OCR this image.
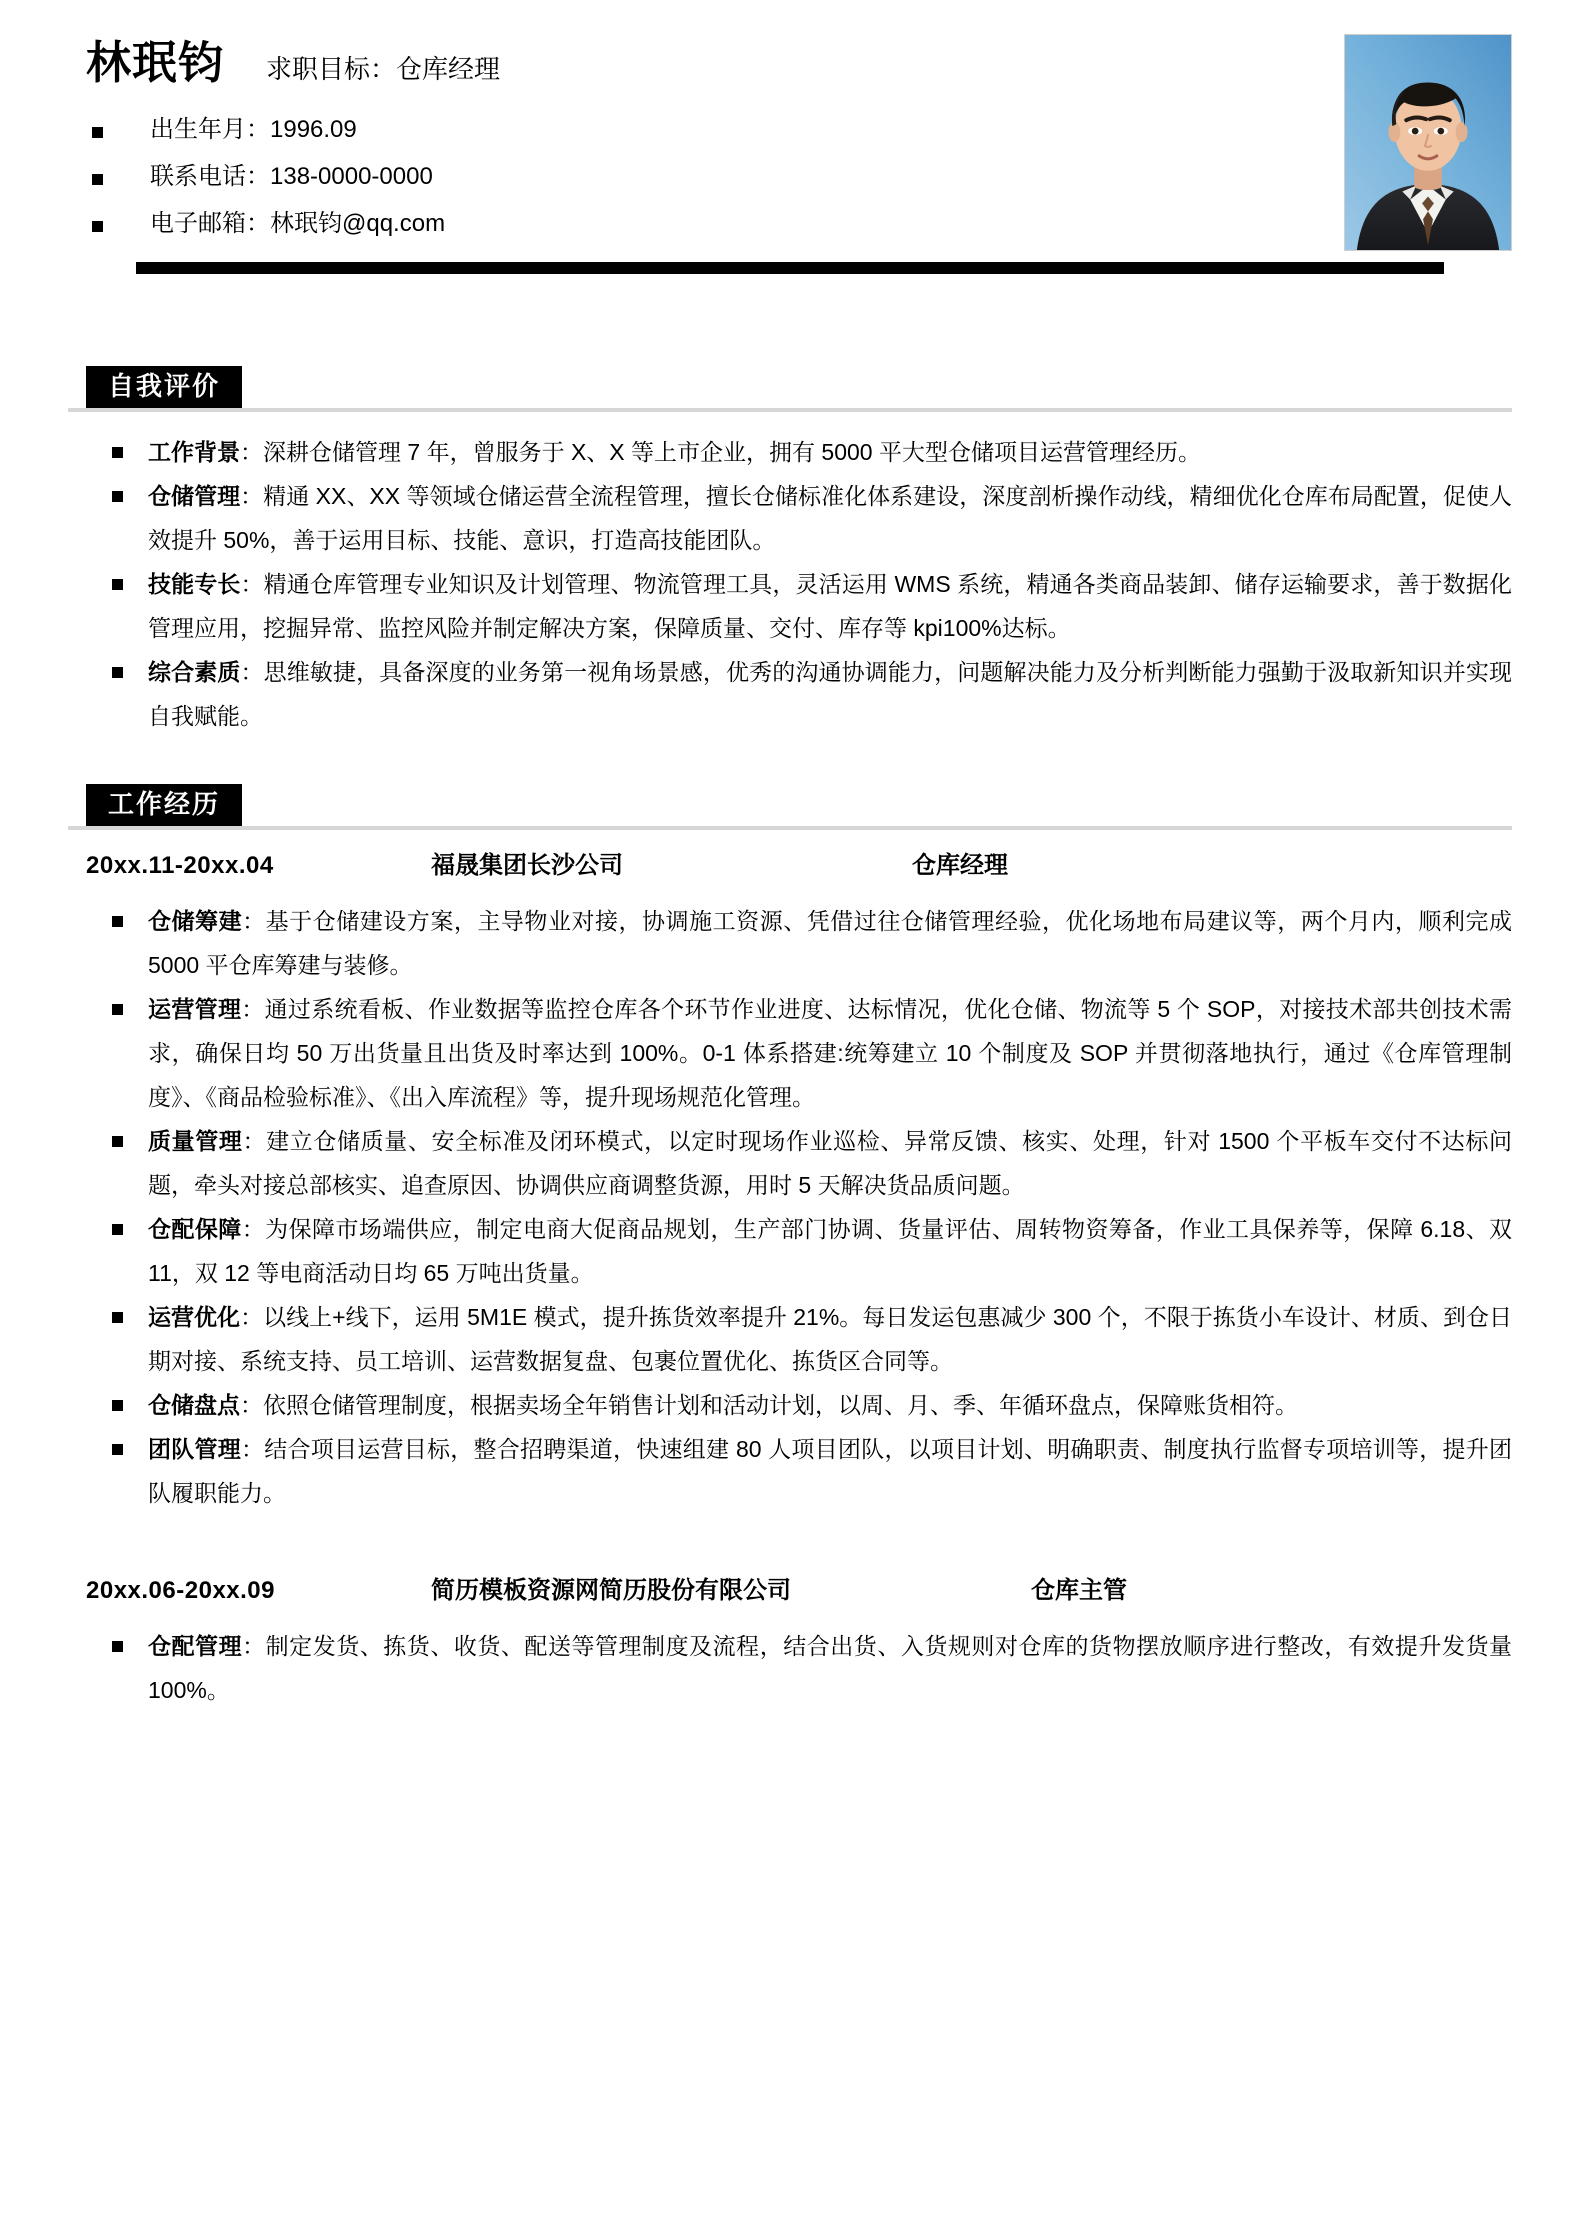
林珉钧 求职目标：仓库经理
出生年月：1996.09
联系电话：138-0000-0000
电子邮箱：林珉钧@qq.com
自我评价
工作背景：深耕仓储管理 7 年，曾服务于 X、X 等上市企业，拥有 5000 平大型仓储项目运营管理经历。
仓储管理：精通 XX、XX 等领域仓储运营全流程管理，擅长仓储标准化体系建设，深度剖析操作动线，精细优化仓库布局配置，促使人效提升 50%，善于运用目标、技能、意识，打造高技能团队。
技能专长：精通仓库管理专业知识及计划管理、物流管理工具，灵活运用 WMS 系统，精通各类商品装卸、储存运输要求，善于数据化管理应用，挖掘异常、监控风险并制定解决方案，保障质量、交付、库存等 kpi100%达标。
综合素质：思维敏捷，具备深度的业务第一视角场景感，优秀的沟通协调能力，问题解决能力及分析判断能力强勤于汲取新知识并实现自我赋能。
工作经历
20xx.11-20xx.04	福晟集团长沙公司	仓库经理
仓储筹建：基于仓储建设方案，主导物业对接，协调施工资源、凭借过往仓储管理经验，优化场地布局建议等，两个月内，顺利完成 5000 平仓库筹建与装修。
运营管理：通过系统看板、作业数据等监控仓库各个环节作业进度、达标情况，优化仓储、物流等 5 个 SOP，对接技术部共创技术需求，确保日均 50 万出货量且出货及时率达到 100%。0-1 体系搭建:统筹建立 10 个制度及 SOP 并贯彻落地执行，通过《仓库管理制度》、《商品检验标准》、《出入库流程》等，提升现场规范化管理。
质量管理：建立仓储质量、安全标准及闭环模式，以定时现场作业巡检、异常反馈、核实、处理，针对 1500 个平板车交付不达标问题，牵头对接总部核实、追查原因、协调供应商调整货源，用时 5 天解决货品质问题。
仓配保障：为保障市场端供应，制定电商大促商品规划，生产部门协调、货量评估、周转物资筹备，作业工具保养等，保障 6.18、双 11，双 12 等电商活动日均 65 万吨出货量。
运营优化：以线上+线下，运用 5M1E 模式，提升拣货效率提升 21%。每日发运包惠减少 300 个，不限于拣货小车设计、材质、到仓日期对接、系统支持、员工培训、运营数据复盘、包裹位置优化、拣货区合同等。
仓储盘点：依照仓储管理制度，根据卖场全年销售计划和活动计划，以周、月、季、年循环盘点，保障账货相符。
团队管理：结合项目运营目标，整合招聘渠道，快速组建 80 人项目团队，以项目计划、明确职责、制度执行监督专项培训等，提升团队履职能力。
20xx.06-20xx.09	简历模板资源网简历股份有限公司	仓库主管
仓配管理：制定发货、拣货、收货、配送等管理制度及流程，结合出货、入货规则对仓库的货物摆放顺序进行整改，有效提升发货量 100%。
